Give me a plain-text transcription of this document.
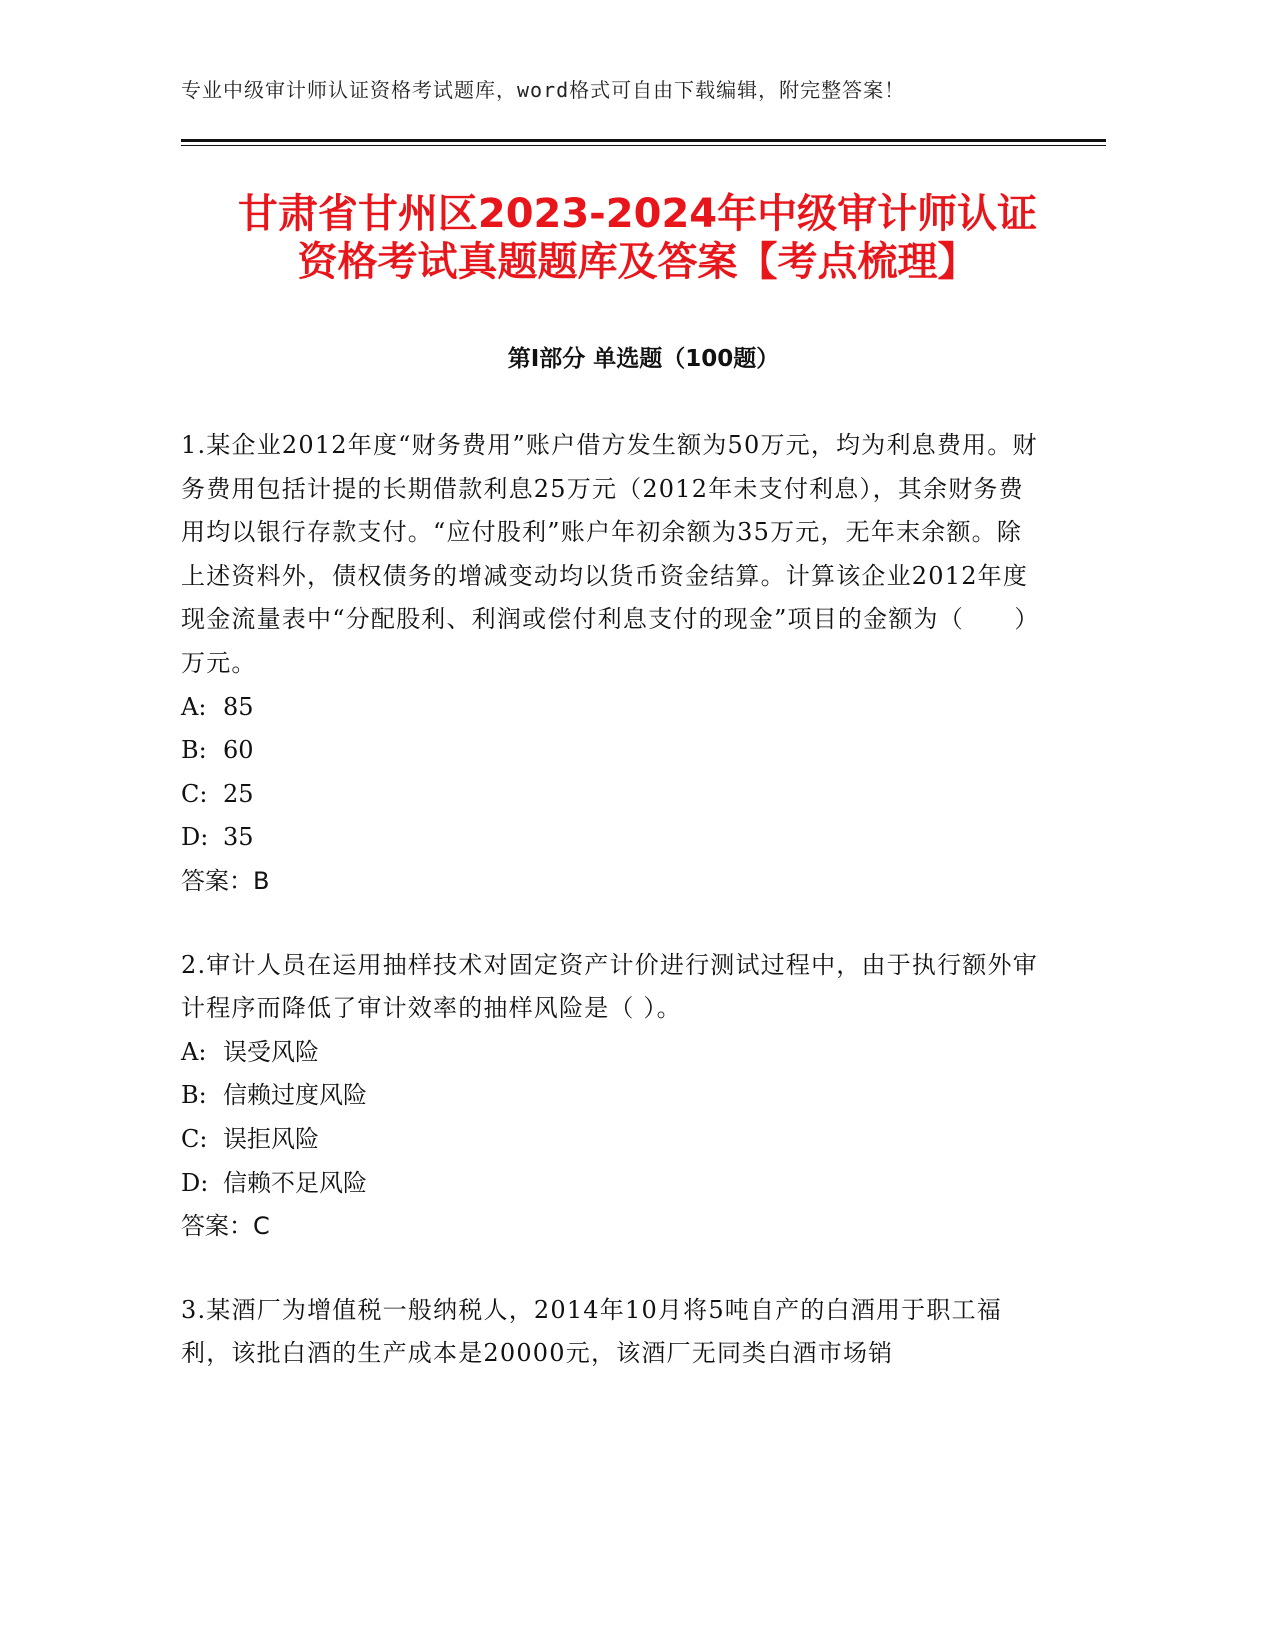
专业中级审计师认证资格考试题库，word格式可自由下载编辑，附完整答案！
甘肃省甘州区2023-2024年中级审计师认证
资格考试真题题库及答案【考点梳理】
第I部分 单选题（100题）
1.某企业2012年度“财务费用”账户借方发生额为50万元，均为利息费用。财务费用包括计提的长期借款利息25万元（2012年未支付利息），其余财务费用均以银行存款支付。“应付股利”账户年初余额为35万元，无年末余额。除上述资料外，债权债务的增减变动均以货币资金结算。计算该企业2012年度现金流量表中“分配股利、利润或偿付利息支付的现金”项目的金额为（　　）万元。
A: 85
B: 60
C: 25
D: 35
答案：B
2.审计人员在运用抽样技术对固定资产计价进行测试过程中，由于执行额外审计程序而降低了审计效率的抽样风险是（ ）。
A: 误受风险
B: 信赖过度风险
C: 误拒风险
D: 信赖不足风险
答案：C
3.某酒厂为增值税一般纳税人，2014年10月将5吨自产的白酒用于职工福利，该批白酒的生产成本是20000元，该酒厂无同类白酒市场销
